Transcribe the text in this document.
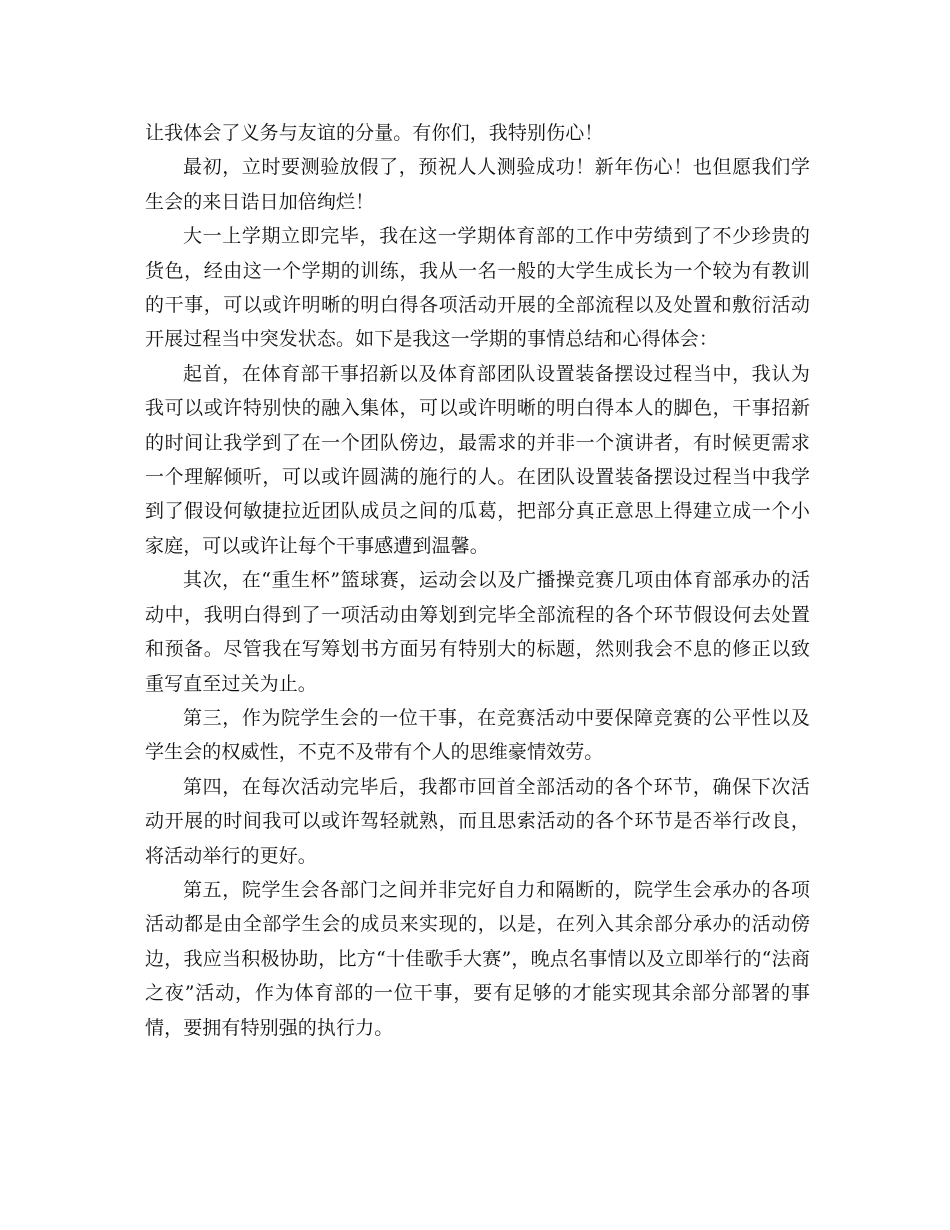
让我体会了义务与友谊的分量。有你们，我特别伤心！

最初，立时要测验放假了，预祝人人测验成功！新年伤心！也但愿我们学生会的来日诰日加倍绚烂！

大一上学期立即完毕，我在这一学期体育部的工作中劳绩到了不少珍贵的货色，经由这一个学期的训练，我从一名一般的大学生成长为一个较为有教训的干事，可以或许明晰的明白得各项活动开展的全部流程以及处置和敷衍活动开展过程当中突发状态。如下是我这一学期的事情总结和心得体会：

起首，在体育部干事招新以及体育部团队设置装备摆设过程当中，我认为我可以或许特别快的融入集体，可以或许明晰的明白得本人的脚色，干事招新的时间让我学到了在一个团队傍边，最需求的并非一个演讲者，有时候更需求一个理解倾听，可以或许圆满的施行的人。在团队设置装备摆设过程当中我学到了假设何敏捷拉近团队成员之间的瓜葛，把部分真正意思上得建立成一个小家庭，可以或许让每个干事感遭到温馨。

其次，在“重生杯”篮球赛，运动会以及广播操竞赛几项由体育部承办的活动中，我明白得到了一项活动由筹划到完毕全部流程的各个环节假设何去处置和预备。尽管我在写筹划书方面另有特别大的标题，然则我会不息的修正以致重写直至过关为止。

第三，作为院学生会的一位干事，在竞赛活动中要保障竞赛的公平性以及学生会的权威性，不克不及带有个人的思维豪情效劳。

第四，在每次活动完毕后，我都市回首全部活动的各个环节，确保下次活动开展的时间我可以或许驾轻就熟，而且思索活动的各个环节是否举行改良，将活动举行的更好。

第五，院学生会各部门之间并非完好自力和隔断的，院学生会承办的各项活动都是由全部学生会的成员来实现的，以是，在列入其余部分承办的活动傍边，我应当积极协助，比方“十佳歌手大赛”，晚点名事情以及立即举行的“法商之夜”活动，作为体育部的一位干事，要有足够的才能实现其余部分部署的事情，要拥有特别强的执行力。
